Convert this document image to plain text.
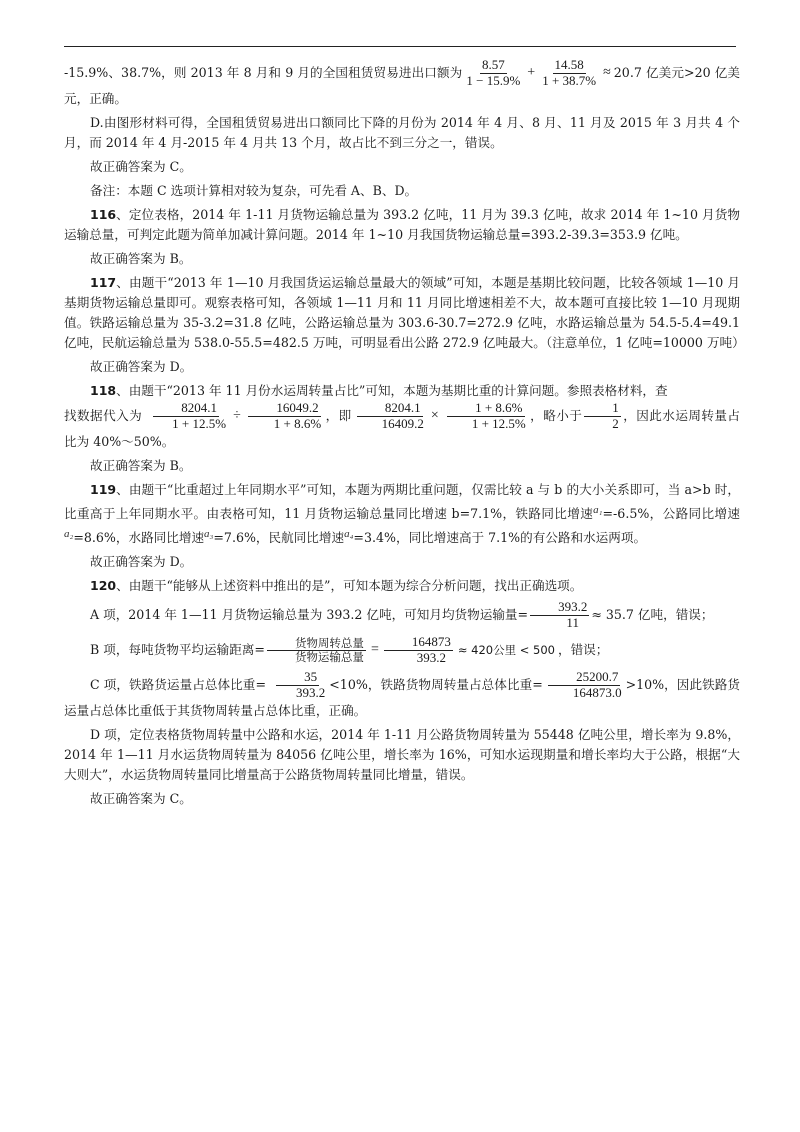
-15.9%、38.7%，则 2013 年 8 月和 9 月的全国租赁贸易进出口额为 $\frac{8.57}{1 - 15.9\%} + \frac{14.58}{1 + 38.7\%} \approx 20.7$ 亿美元>20 亿美元，正确。

D.由图形材料可得，全国租赁贸易进出口额同比下降的月份为 2014 年 4 月、8 月、11 月及 2015 年 3 月共 4 个月，而 2014 年 4 月-2015 年 4 月共 13 个月，故占比不到三分之一，错误。

故正确答案为 C。

备注：本题 C 选项计算相对较为复杂，可先看 A、B、D。

116、定位表格，2014 年 1-11 月货物运输总量为 393.2 亿吨，11 月为 39.3 亿吨，故求 2014 年 1~10 月货物运输总量，可判定此题为简单加减计算问题。2014 年 1~10 月我国货物运输总量=393.2-39.3=353.9 亿吨。

故正确答案为 B。

117、由题干“2013 年 1—10 月我国货运运输总量最大的领域”可知，本题是基期比较问题，比较各领域 1—10 月基期货物运输总量即可。观察表格可知，各领域 1—11 月和 11 月同比增速相差不大，故本题可直接比较 1—10 月现期值。铁路运输总量为 35-3.2=31.8 亿吨，公路运输总量为 303.6-30.7=272.9 亿吨，水路运输总量为 54.5-5.4=49.1 亿吨，民航运输总量为 538.0-55.5=482.5 万吨，可明显看出公路 272.9 亿吨最大。（注意单位，1 亿吨=10000 万吨）

故正确答案为 D。

118、由题干“2013 年 11 月份水运周转量占比”可知，本题为基期比重的计算问题。参照表格材料，查
找数据代入为 $\frac{8204.1}{1 + 12.5\%} \div \frac{16049.2}{1 + 8.6\%}$ ，即 $\frac{8204.1}{16409.2} \times \frac{1 + 8.6\%}{1 + 12.5\%}$ ，略小于 $\frac{1}{2}$ ，因此水运周转量占比为 40%～50%。

故正确答案为 B。

119、由题干“比重超过上年同期水平”可知，本题为两期比重问题，仅需比较 a 与 b 的大小关系即可，当 a>b 时，比重高于上年同期水平。由表格可知，11 月货物运输总量同比增速 b=7.1%，铁路同比增速a₁=-6.5%，公路同比增速a₂=8.6%，水路同比增速a₃=7.6%，民航同比增速a₄=3.4%，同比增速高于 7.1%的有公路和水运两项。

故正确答案为 D。

120、由题干“能够从上述资料中推出的是”，可知本题为综合分析问题，找出正确选项。

A 项，2014 年 1—11 月货物运输总量为 393.2 亿吨，可知月均货物运输量= $\frac{393.2}{11} \approx 35.7$ 亿吨，错误；

B 项，每吨货物平均运输距离= $\frac{\text{货物周转总量}}{\text{货物运输总量}} = \frac{164873}{393.2} \approx 420$公里 < 500 ，错误；

C 项，铁路货运量占总体比重= $\frac{35}{393.2} <10\%$，铁路货物周转量占总体比重= $\frac{25200.7}{164873.0} >10\%$，因此铁路货运量占总体比重低于其货物周转量占总体比重，正确。

D 项，定位表格货物周转量中公路和水运，2014 年 1-11 月公路货物周转量为 55448 亿吨公里，增长率为 9.8%，2014 年 1—11 月水运货物周转量为 84056 亿吨公里，增长率为 16%，可知水运现期量和增长率均大于公路，根据“大大则大”，水运货物周转量同比增量高于公路货物周转量同比增量，错误。

故正确答案为 C。
